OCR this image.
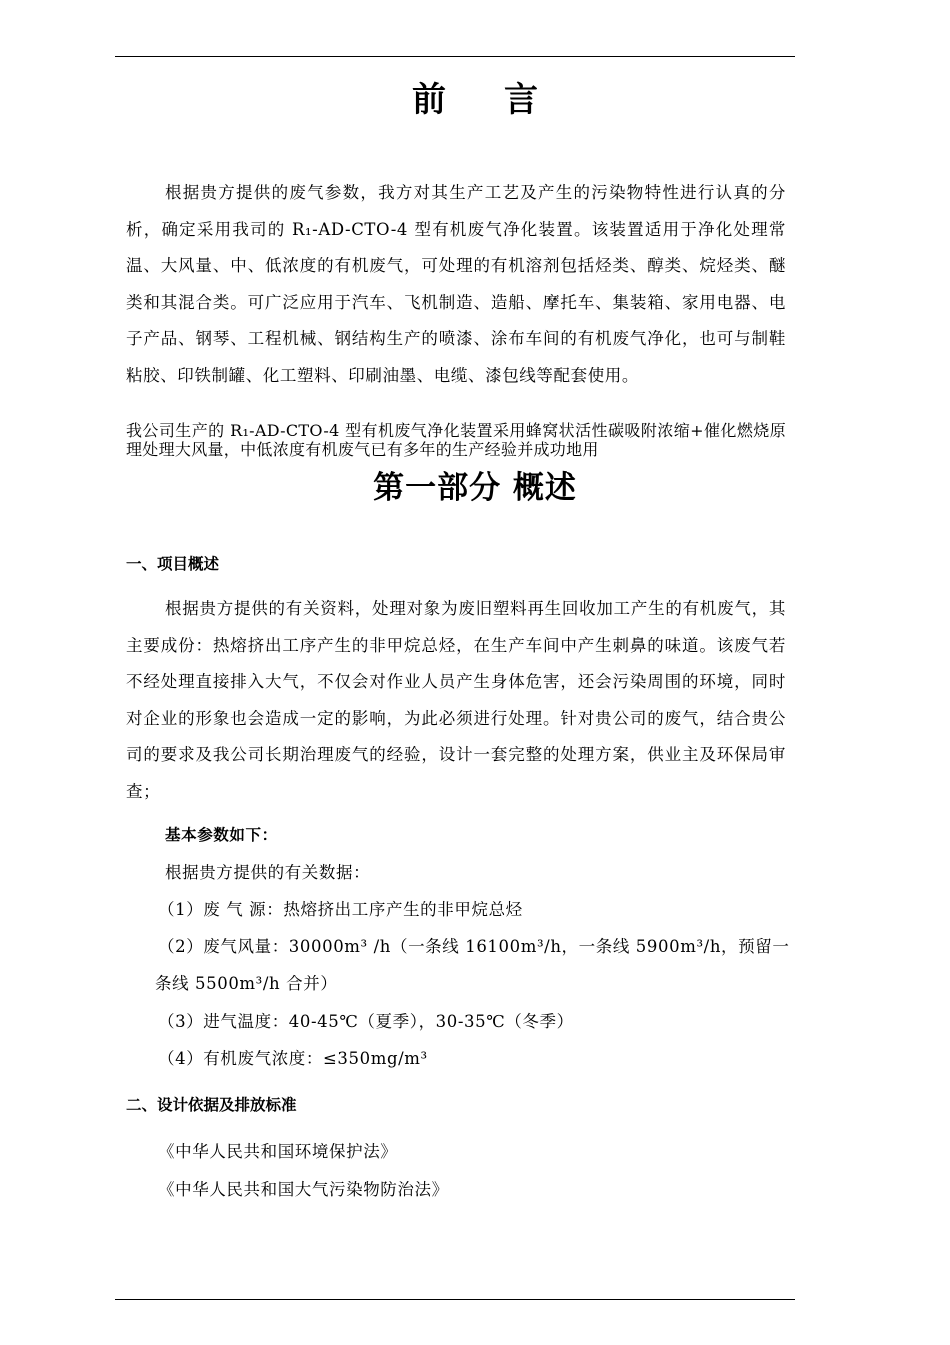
前言
根据贵方提供的废气参数，我方对其生产工艺及产生的污染物特性进行认真的分析，确定采用我司的 R₁-AD-CTO-4 型有机废气净化装置。该装置适用于净化处理常温、大风量、中、低浓度的有机废气，可处理的有机溶剂包括烃类、醇类、烷烃类、醚类和其混合类。可广泛应用于汽车、飞机制造、造船、摩托车、集装箱、家用电器、电子产品、钢琴、工程机械、钢结构生产的喷漆、涂布车间的有机废气净化，也可与制鞋粘胶、印铁制罐、化工塑料、印刷油墨、电缆、漆包线等配套使用。
我公司生产的 R₁-AD-CTO-4 型有机废气净化装置采用蜂窝状活性碳吸附浓缩+催化燃烧原理处理大风量，中低浓度有机废气已有多年的生产经验并成功地用
第一部分 概述
一、项目概述
根据贵方提供的有关资料，处理对象为废旧塑料再生回收加工产生的有机废气，其主要成份：热熔挤出工序产生的非甲烷总烃，在生产车间中产生刺鼻的味道。该废气若不经处理直接排入大气，不仅会对作业人员产生身体危害，还会污染周围的环境，同时对企业的形象也会造成一定的影响，为此必须进行处理。针对贵公司的废气，结合贵公司的要求及我公司长期治理废气的经验，设计一套完整的处理方案，供业主及环保局审查；
基本参数如下：
根据贵方提供的有关数据：
（1）废 气 源：热熔挤出工序产生的非甲烷总烃
（2）废气风量：30000m³ /h（一条线 16100m³/h，一条线 5900m³/h，预留一
条线 5500m³/h 合并）
（3）进气温度：40-45℃（夏季），30-35℃（冬季）
（4）有机废气浓度：≤350mg/m³
二、设计依据及排放标准
《中华人民共和国环境保护法》
《中华人民共和国大气污染物防治法》
